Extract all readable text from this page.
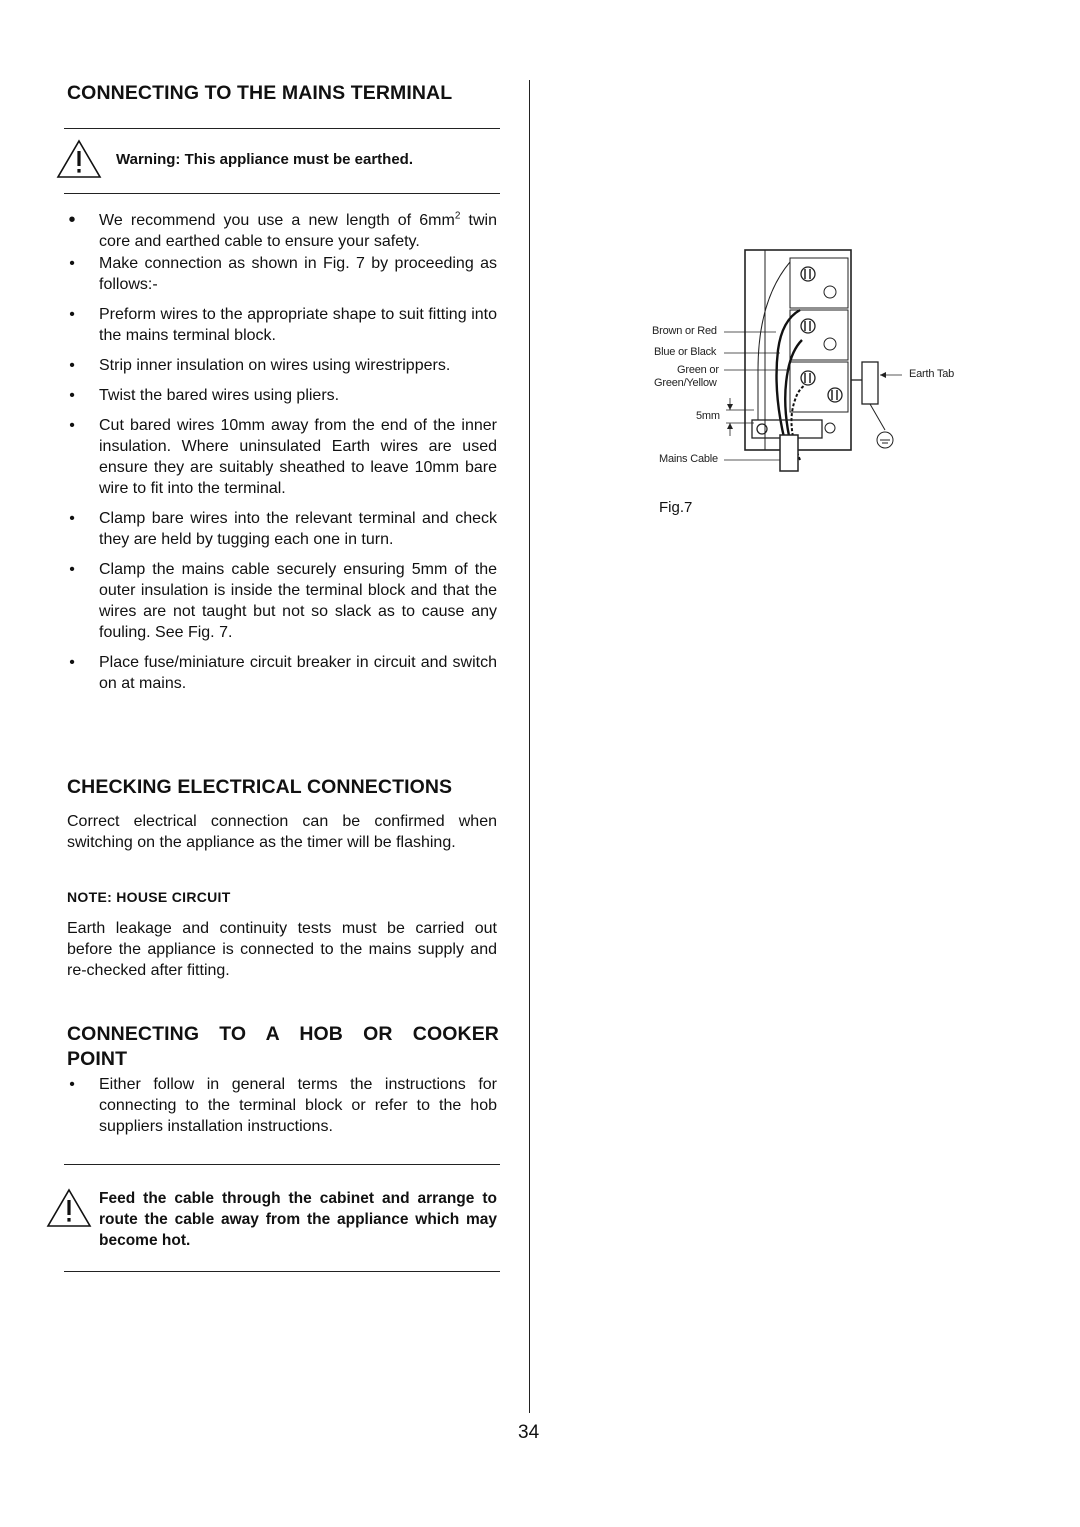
CONNECTING TO THE MAINS TERMINAL
Warning: This appliance must be earthed.
• We recommend you use a new length of $6mm^2$ twin core and earthed cable to ensure your safety.
• Make connection as shown in Fig. 7 by proceeding as follows:-
• Preform wires to the appropriate shape to suit fitting into the mains terminal block.
• Strip inner insulation on wires using wirestrippers.
• Twist the bared wires using pliers.
• Cut bared wires 10mm away from the end of the inner insulation. Where uninsulated Earth wires are used ensure they are suitably sheathed to leave 10mm bare wire to fit into the terminal.
• Clamp bare wires into the relevant terminal and check they are held by tugging each one in turn.
• Clamp the mains cable securely ensuring 5mm of the outer insulation is inside the terminal block and that the wires are not taught but not so slack as to cause any fouling. See Fig. 7.
• Place fuse/miniature circuit breaker in circuit and switch on at mains.
CHECKING ELECTRICAL CONNECTIONS

Correct electrical connection can be confirmed when switching on the appliance as the timer will be flashing.

NOTE: HOUSE CIRCUIT

Earth leakage and continuity tests must be carried out before the appliance is connected to the mains supply and re-checked after fitting.

CONNECTING TO A HOB OR COOKER POINT
• Either follow in general terms the instructions for connecting to the terminal block or refer to the hob suppliers installation instructions.
Feed the cable through the cabinet and arrange to route the cable away from the appliance which may become hot.
Brown or Red
Blue or Black
Green or
Green/Yellow
5mm
Mains Cable
Earth Tab
Fig.7
34
